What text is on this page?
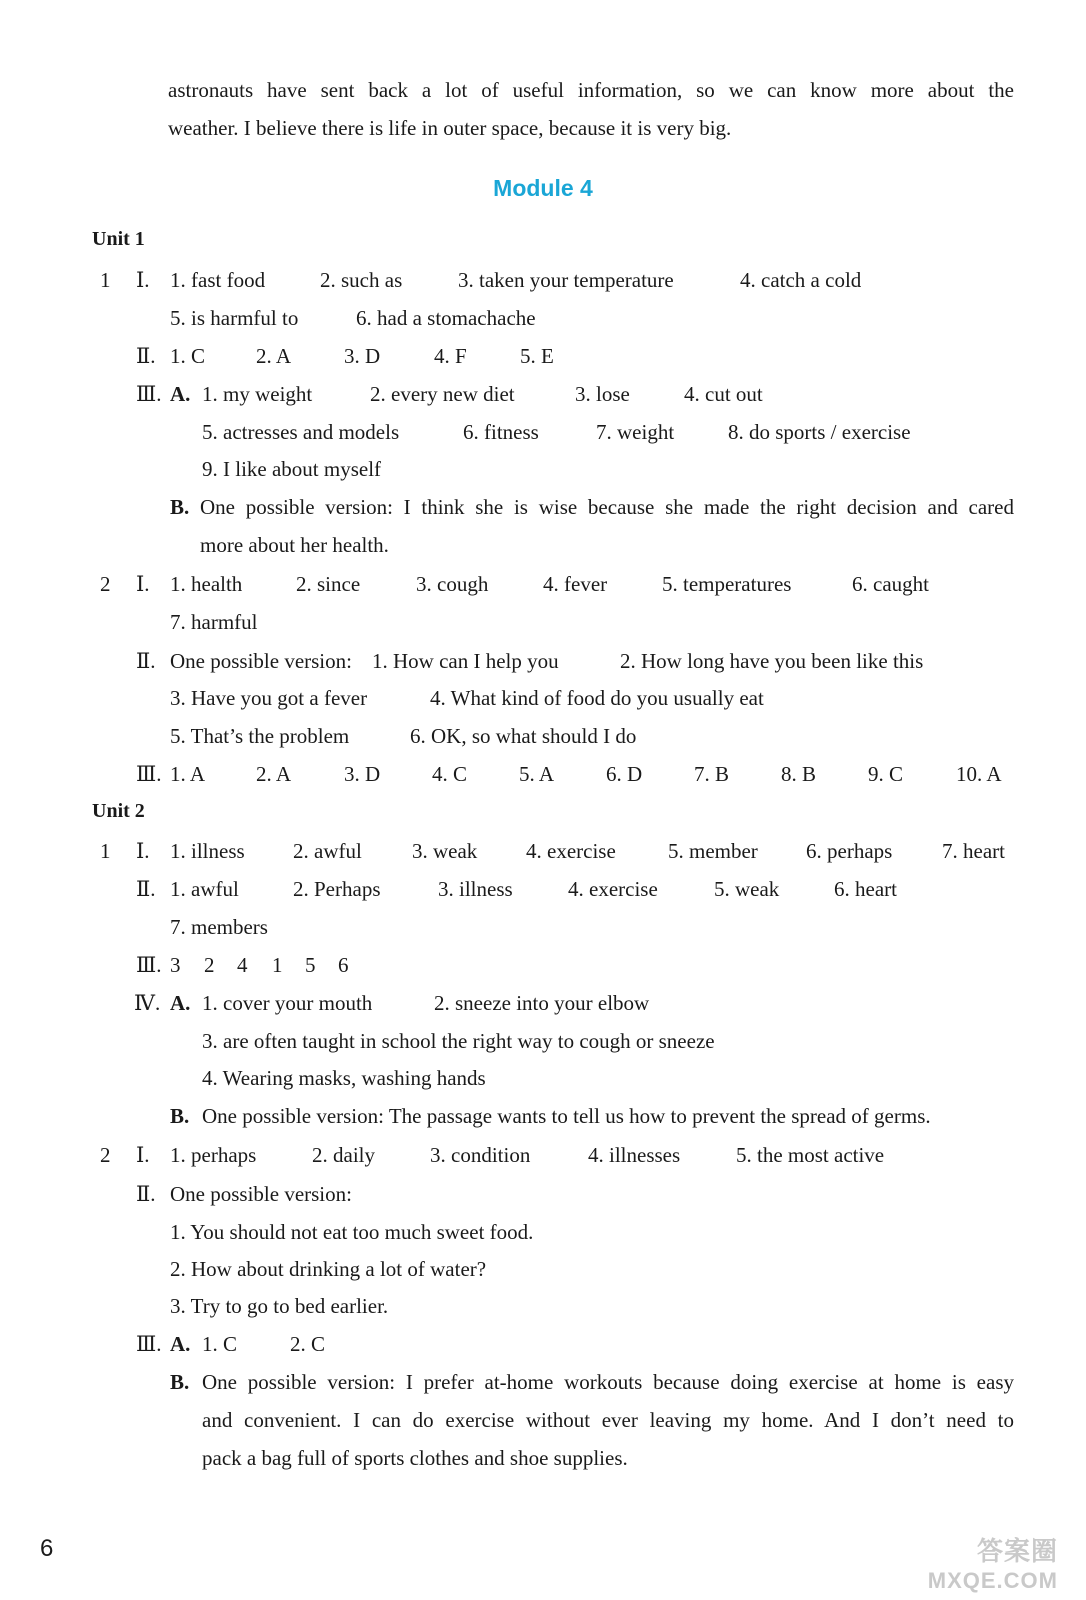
astronauts have sent back a lot of useful information, so we can know more about the
weather. I believe there is life in outer space, because it is very big.
Module 4
Unit 1
1 Ⅰ. 1. fast food	2. such as	3. taken your temperature	4. catch a cold
5. is harmful to	6. had a stomachache
Ⅱ. 1. C 2. A	3. D	4. F	5. E
Ⅲ. A. 1. my weight	2. every new diet	3. lose	4. cut out
5. actresses and models	6. fitness	7. weight	8. do sports / exercise
9. I like about myself
B. One possible version: I think she is wise because she made the right decision and cared
more about her health.
2 Ⅰ. 1. health	2. since	3. cough	4. fever	5. temperatures	6. caught
7. harmful
Ⅱ. One possible version: 1. How can I help you	2. How long have you been like this
3. Have you got a fever	4. What kind of food do you usually eat
5. That’s the problem	6. OK, so what should I do
Ⅲ. 1. A 2. A	3. D 4. C 5. A 6. D 7. B 8. B 9. C	10. A
Unit 2
1 Ⅰ. 1. illness 2. awful 3. weak 4. exercise 5. member 6. perhaps 7. heart
Ⅱ. 1. awful	2. Perhaps	3. illness	4. exercise	5. weak	6. heart
7. members
Ⅲ. 3 2 4 1 5 6
Ⅳ. A. 1. cover your mouth	2. sneeze into your elbow
3. are often taught in school the right way to cough or sneeze
4. Wearing masks, washing hands
B. One possible version: The passage wants to tell us how to prevent the spread of germs.
2 Ⅰ. 1. perhaps	2. daily	3. condition	4. illnesses	5. the most active
Ⅱ. One possible version:
1. You should not eat too much sweet food.
2. How about drinking a lot of water?
3. Try to go to bed earlier.
Ⅲ. A. 1. C	2. C
B. One possible version: I prefer at-home workouts because doing exercise at home is easy
and convenient. I can do exercise without ever leaving my home. And I don’t need to
pack a bag full of sports clothes and shoe supplies.
6	答案圈
MXQE.COM
